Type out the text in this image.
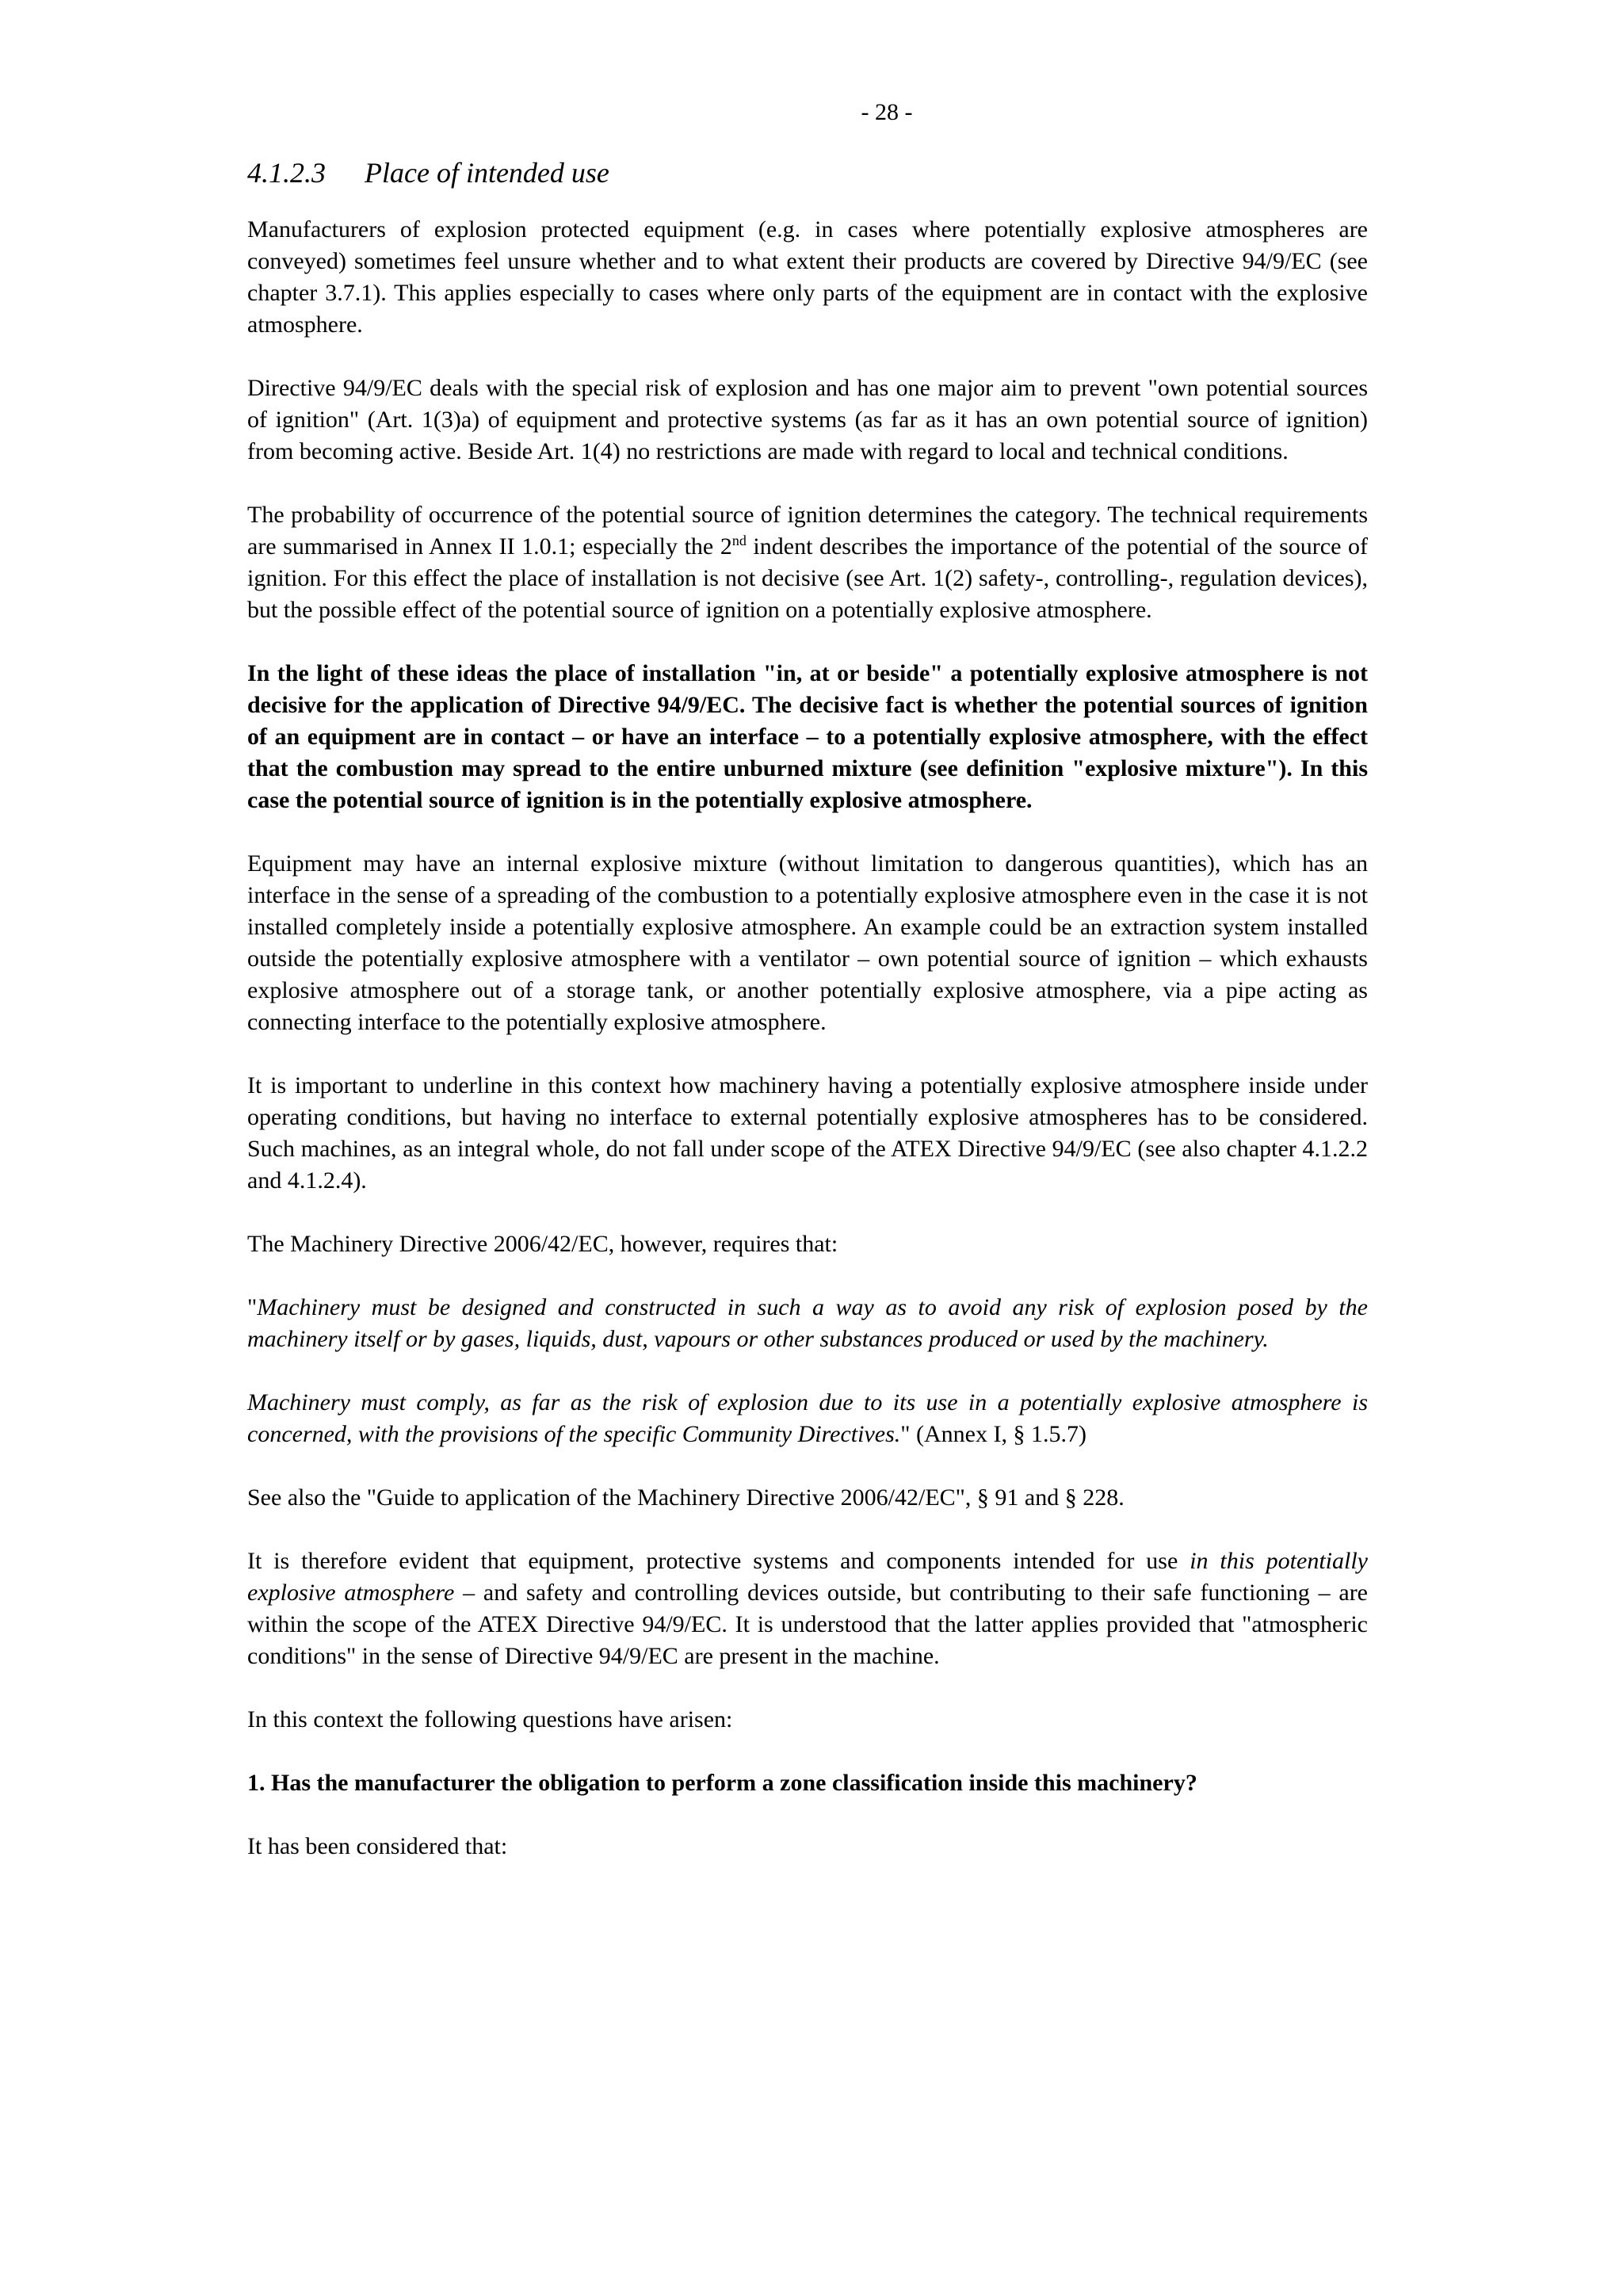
- 28 -
4.1.2.3 Place of intended use

Manufacturers of explosion protected equipment (e.g. in cases where potentially explosive atmospheres are conveyed) sometimes feel unsure whether and to what extent their products are covered by Directive 94/9/EC (see chapter 3.7.1). This applies especially to cases where only parts of the equipment are in contact with the explosive atmosphere.

Directive 94/9/EC deals with the special risk of explosion and has one major aim to prevent "own potential sources of ignition" (Art. 1(3)a) of equipment and protective systems (as far as it has an own potential source of ignition) from becoming active. Beside Art. 1(4) no restrictions are made with regard to local and technical conditions.

The probability of occurrence of the potential source of ignition determines the category. The technical requirements are summarised in Annex II 1.0.1; especially the 2nd indent describes the importance of the potential of the source of ignition. For this effect the place of installation is not decisive (see Art. 1(2) safety-, controlling-, regulation devices), but the possible effect of the potential source of ignition on a potentially explosive atmosphere.

In the light of these ideas the place of installation "in, at or beside" a potentially explosive atmosphere is not decisive for the application of Directive 94/9/EC. The decisive fact is whether the potential sources of ignition of an equipment are in contact – or have an interface – to a potentially explosive atmosphere, with the effect that the combustion may spread to the entire unburned mixture (see definition "explosive mixture"). In this case the potential source of ignition is in the potentially explosive atmosphere.

Equipment may have an internal explosive mixture (without limitation to dangerous quantities), which has an interface in the sense of a spreading of the combustion to a potentially explosive atmosphere even in the case it is not installed completely inside a potentially explosive atmosphere. An example could be an extraction system installed outside the potentially explosive atmosphere with a ventilator – own potential source of ignition – which exhausts explosive atmosphere out of a storage tank, or another potentially explosive atmosphere, via a pipe acting as connecting interface to the potentially explosive atmosphere.

It is important to underline in this context how machinery having a potentially explosive atmosphere inside under operating conditions, but having no interface to external potentially explosive atmospheres has to be considered. Such machines, as an integral whole, do not fall under scope of the ATEX Directive 94/9/EC (see also chapter 4.1.2.2 and 4.1.2.4).

The Machinery Directive 2006/42/EC, however, requires that:

"Machinery must be designed and constructed in such a way as to avoid any risk of explosion posed by the machinery itself or by gases, liquids, dust, vapours or other substances produced or used by the machinery.

Machinery must comply, as far as the risk of explosion due to its use in a potentially explosive atmosphere is concerned, with the provisions of the specific Community Directives." (Annex I, § 1.5.7)

See also the "Guide to application of the Machinery Directive 2006/42/EC", § 91 and § 228.

It is therefore evident that equipment, protective systems and components intended for use in this potentially explosive atmosphere – and safety and controlling devices outside, but contributing to their safe functioning – are within the scope of the ATEX Directive 94/9/EC. It is understood that the latter applies provided that "atmospheric conditions" in the sense of Directive 94/9/EC are present in the machine.

In this context the following questions have arisen:

1. Has the manufacturer the obligation to perform a zone classification inside this machinery?

It has been considered that:
